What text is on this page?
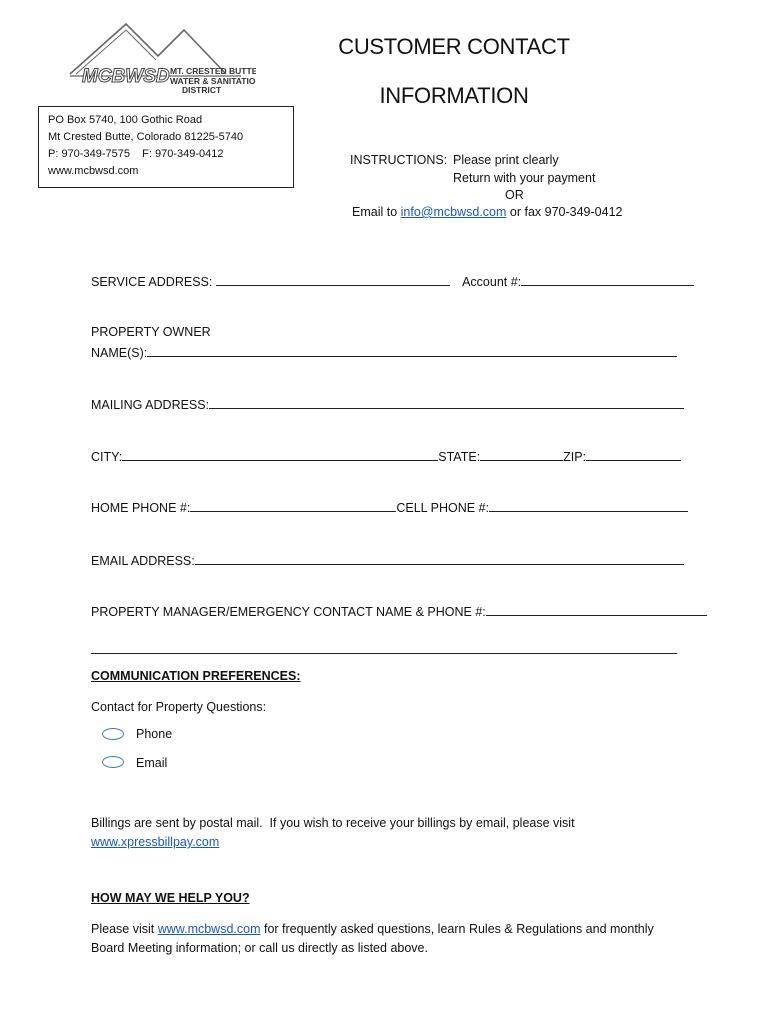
MCBWSD MT. CRESTED BUTTE
WATER & SANITATION
DISTRICT
PO Box 5740, 100 Gothic Road
Mt Crested Butte, Colorado 81225-5740
P: 970-349-7575    F: 970-349-0412
www.mcbwsd.com
CUSTOMER CONTACT
INFORMATION
INSTRUCTIONS: Please print clearly
Return with your payment
OR
Email to info@mcbwsd.com or fax 970-349-0412
SERVICE ADDRESS:	Account #:
PROPERTY OWNER
NAME(S):
MAILING ADDRESS:
CITY:	STATE:	ZIP:
HOME PHONE #:	CELL PHONE #:
EMAIL ADDRESS:
PROPERTY MANAGER/EMERGENCY CONTACT NAME & PHONE #:
COMMUNICATION PREFERENCES:
Contact for Property Questions:
Phone
Email
Billings are sent by postal mail.  If you wish to receive your billings by email, please visit
www.xpressbillpay.com
HOW MAY WE HELP YOU?
Please visit www.mcbwsd.com for frequently asked questions, learn Rules & Regulations and monthly
Board Meeting information; or call us directly as listed above.
